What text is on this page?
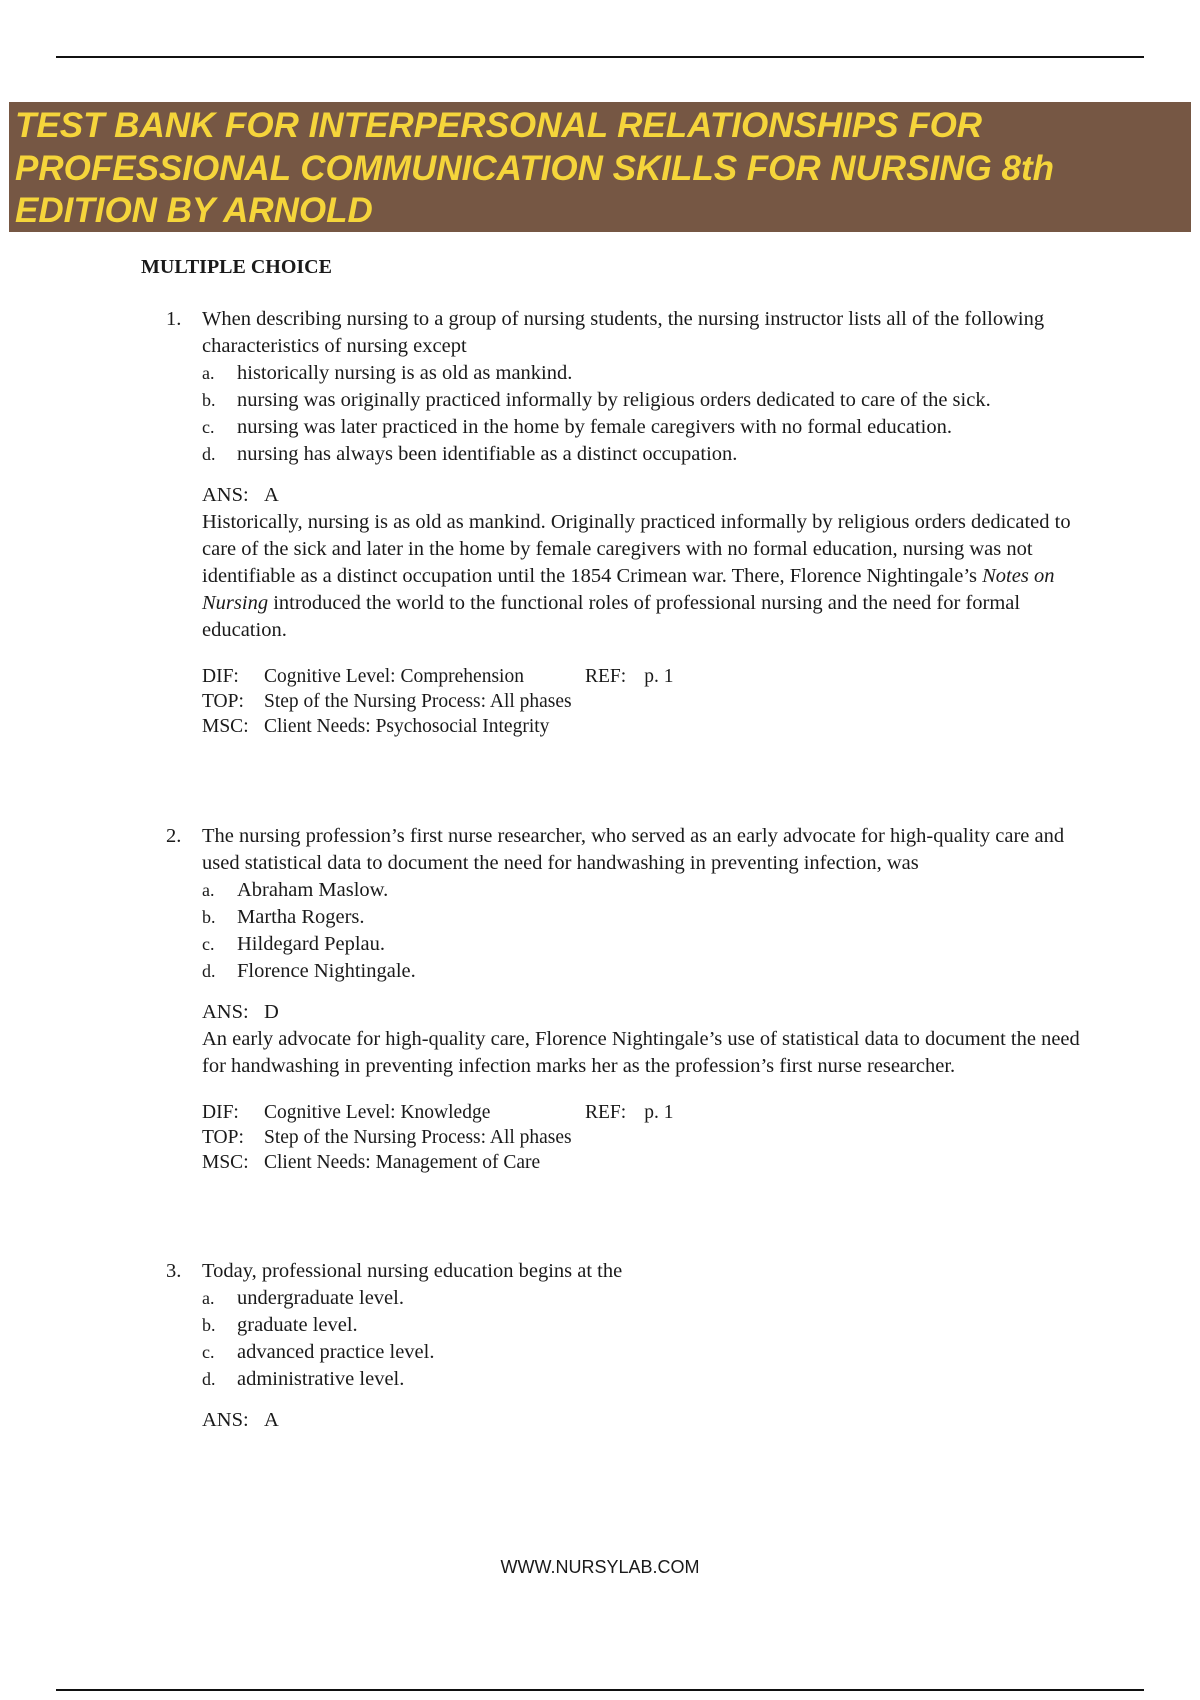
TEST BANK FOR INTERPERSONAL RELATIONSHIPS FOR
PROFESSIONAL COMMUNICATION SKILLS FOR NURSING 8th
EDITION BY ARNOLD
MULTIPLE CHOICE
1. When describing nursing to a group of nursing students, the nursing instructor lists all of the following characteristics of nursing except
a. historically nursing is as old as mankind.
b. nursing was originally practiced informally by religious orders dedicated to care of the sick.
c. nursing was later practiced in the home by female caregivers with no formal education.
d. nursing has always been identifiable as a distinct occupation.
ANS: A

Historically, nursing is as old as mankind. Originally practiced informally by religious orders dedicated to care of the sick and later in the home by female caregivers with no formal education, nursing was not identifiable as a distinct occupation until the 1854 Crimean war. There, Florence Nightingale’s Notes on Nursing introduced the world to the functional roles of professional nursing and the need for formal education.

DIF:	Cognitive Level: Comprehension	REF: p. 1
TOP:	Step of the Nursing Process: All phases
MSC: Client Needs: Psychosocial Integrity
2. The nursing profession’s first nurse researcher, who served as an early advocate for high-quality care and used statistical data to document the need for handwashing in preventing infection, was
a. Abraham Maslow.
b. Martha Rogers.
c. Hildegard Peplau.
d. Florence Nightingale.
ANS: D

An early advocate for high-quality care, Florence Nightingale’s use of statistical data to document the need for handwashing in preventing infection marks her as the profession’s first nurse researcher.

DIF:	Cognitive Level: Knowledge	REF: p. 1
TOP:	Step of the Nursing Process: All phases
MSC: Client Needs: Management of Care
3. Today, professional nursing education begins at the
a. undergraduate level.
b. graduate level.
c. advanced practice level.
d. administrative level.
ANS: A
WWW.NURSYLAB.COM
